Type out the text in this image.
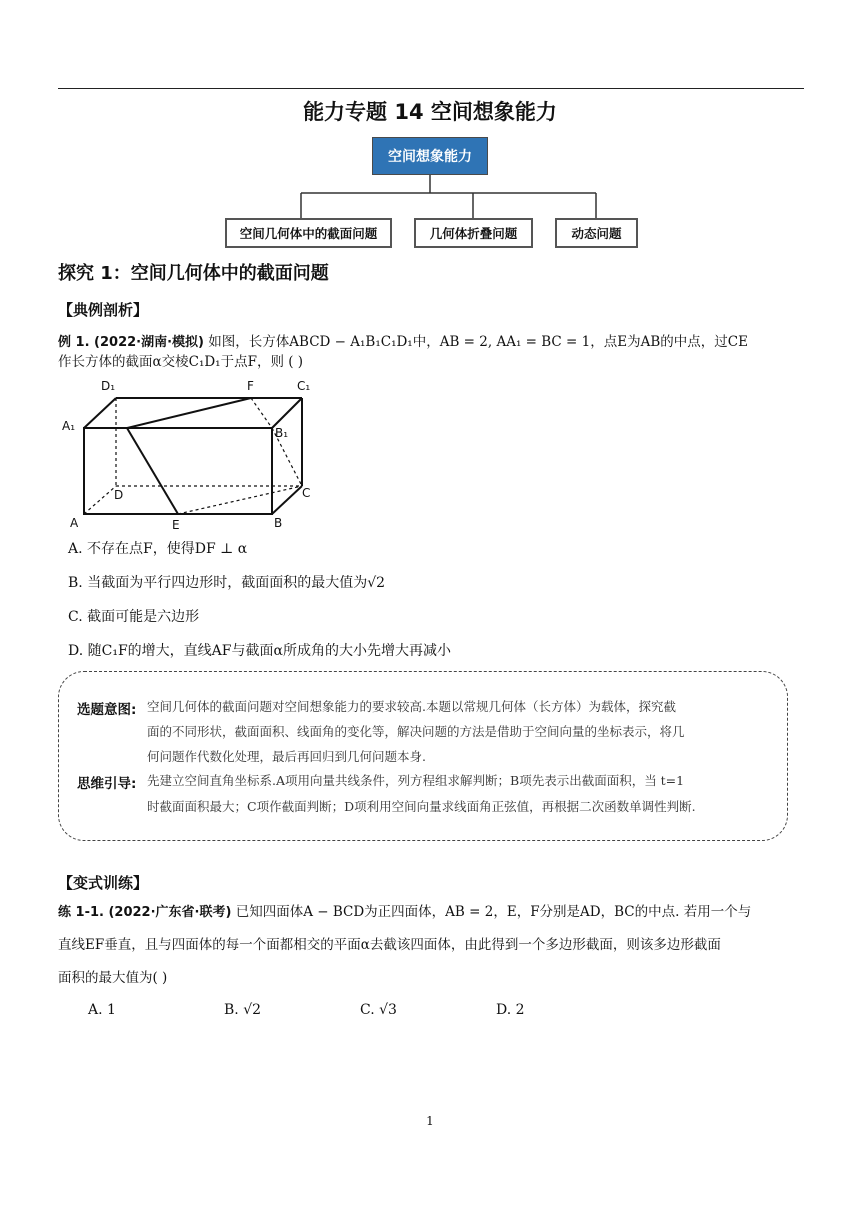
能力专题 14 空间想象能力
空间想象能力
空间几何体中的截面问题	几何体折叠问题	动态问题
探究 1：空间几何体中的截面问题
【典例剖析】
例 1. (2022·湖南·模拟) 如图，长方体ABCD − A₁B₁C₁D₁中，AB = 2, AA₁ = BC = 1，点E为AB的中点，过CE
作长方体的截面α交棱C₁D₁于点F，则 ( )
D₁	F	C₁
A₁	B₁
D	C
A	E	B
A. 不存在点F，使得DF ⊥ α
B. 当截面为平行四边形时，截面面积的最大值为√2
C. 截面可能是六边形
D. 随C₁F的增大，直线AF与截面α所成角的大小先增大再减小
选题意图: 空间几何体的截面问题对空间想象能力的要求较高.本题以常规几何体（长方体）为载体，探究截
面的不同形状，截面面积、线面角的变化等，解决问题的方法是借助于空间向量的坐标表示，将几
何问题作代数化处理，最后再回归到几何问题本身.
思维引导: 先建立空间直角坐标系.A项用向量共线条件，列方程组求解判断；B项先表示出截面面积，当 t=1
时截面面积最大；C项作截面判断；D项利用空间向量求线面角正弦值，再根据二次函数单调性判断.
【变式训练】
练 1-1. (2022·广东省·联考) 已知四面体A − BCD为正四面体，AB = 2，E，F分别是AD，BC的中点. 若用一个与
直线EF垂直，且与四面体的每一个面都相交的平面α去截该四面体，由此得到一个多边形截面，则该多边形截面
面积的最大值为( )
A. 1	B. √2	C. √3	D. 2
1
